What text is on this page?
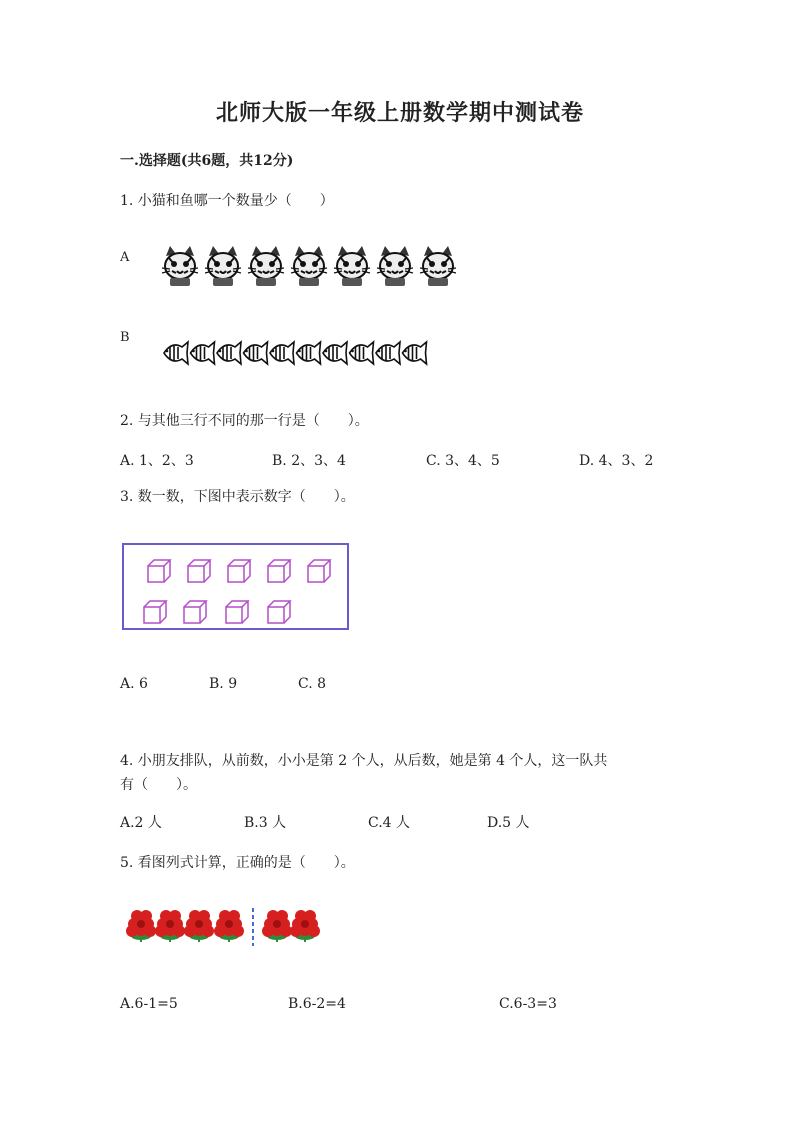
北师大版一年级上册数学期中测试卷
一.选择题(共6题，共12分)
1. 小猫和鱼哪一个数量少（　　）
A
B
2. 与其他三行不同的那一行是（　　）。
A. 1、2、3	B. 2、3、4	C. 3、4、5	D. 4、3、2
3. 数一数，下图中表示数字（　　）。
A. 6	B. 9	C. 8
4. 小朋友排队，从前数，小小是第 2 个人，从后数，她是第 4 个人，这一队共
有（　　）。
A.2 人	B.3 人	C.4 人	D.5 人
5. 看图列式计算，正确的是（　　）。
A.6-1=5	B.6-2=4	C.6-3=3
